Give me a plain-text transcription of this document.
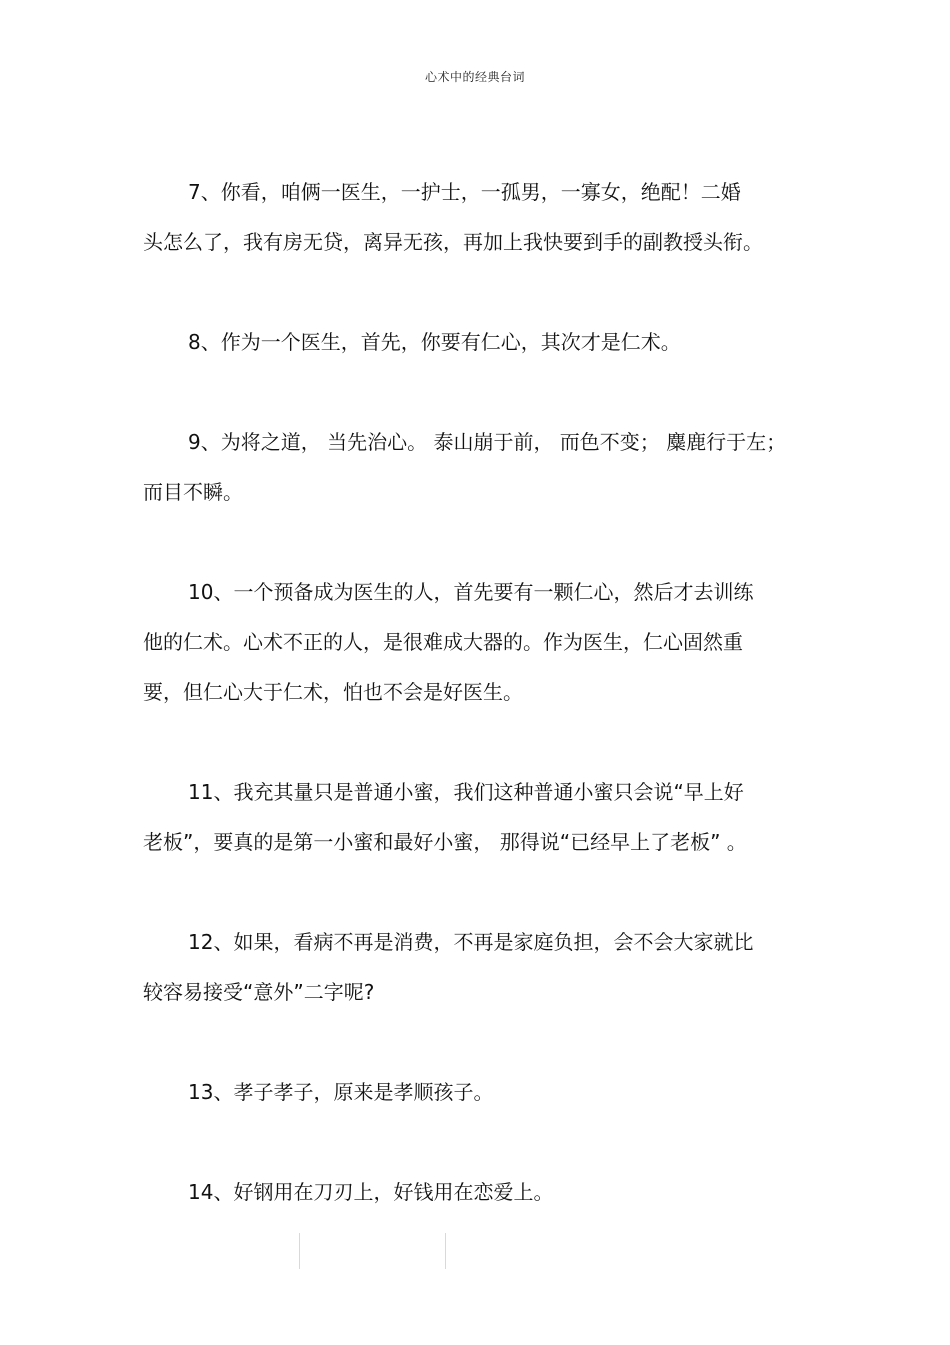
心术中的经典台词
7、你看，咱俩一医生，一护士，一孤男，一寡女，绝配！二婚
头怎么了，我有房无贷，离异无孩，再加上我快要到手的副教授头衔。
8、作为一个医生，首先，你要有仁心，其次才是仁术。
9、为将之道， 当先治心。 泰山崩于前， 而色不变； 麋鹿行于左；
而目不瞬。
10、一个预备成为医生的人，首先要有一颗仁心，然后才去训练
他的仁术。心术不正的人，是很难成大器的。作为医生，仁心固然重
要，但仁心大于仁术，怕也不会是好医生。
11、我充其量只是普通小蜜，我们这种普通小蜜只会说“早上好
老板”，要真的是第一小蜜和最好小蜜， 那得说“已经早上了老板” 。
12、如果，看病不再是消费，不再是家庭负担，会不会大家就比
较容易接受“意外”二字呢?
13、孝子孝子，原来是孝顺孩子。
14、好钢用在刀刃上，好钱用在恋爱上。
